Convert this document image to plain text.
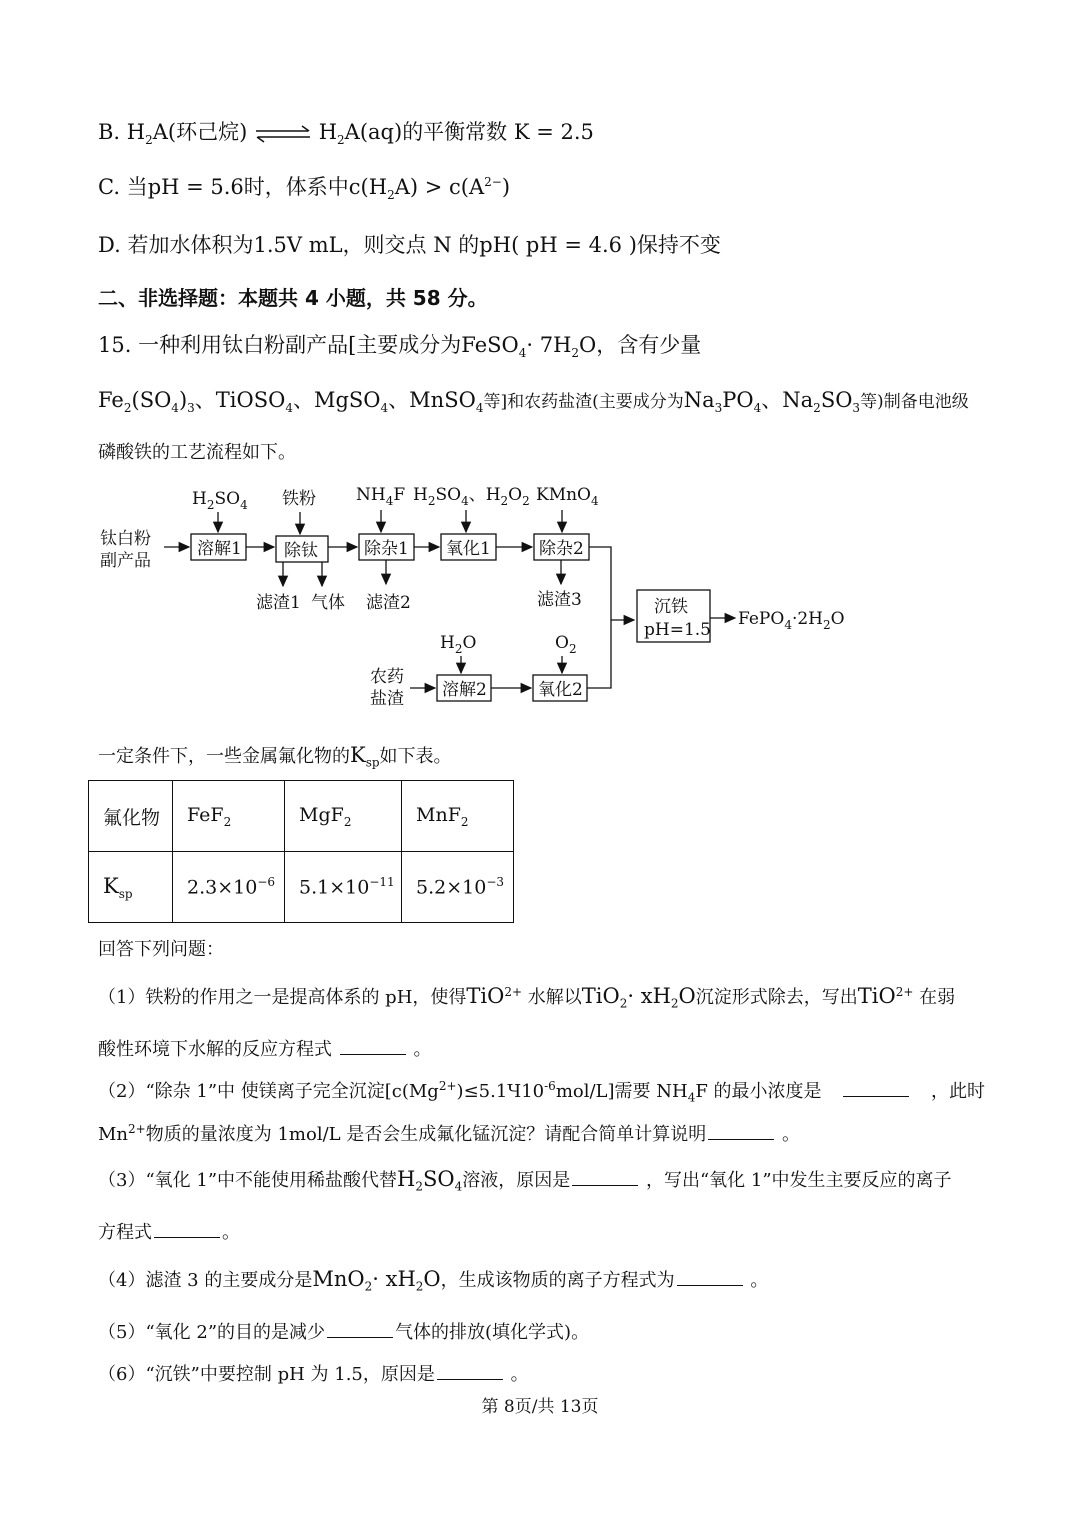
B. $H_2A$(环己烷) ⇌ $H_2A(aq)$的平衡常数 K = 2.5
C. 当pH = 5.6时，体系中$c(H_2A) > c(A^{2-})$
D. 若加水体积为1.5V mL，则交点 N 的pH( pH = 4.6 )保持不变
二、非选择题：本题共 4 小题，共 58 分。
15. 一种利用钛白粉副产品[主要成分为FeSO$_4$· $7H_2O$，含有少量
$Fe_2(SO_4)_3$、TiOSO$_4$、MgSO$_4$、MnSO$_4$等]和农药盐渣(主要成分为$Na_3PO_4$、$Na_2SO_3$等)制备电池级
磷酸铁的工艺流程如下。
钛白粉
副产品
$H_2SO_4$ 铁粉 $NH_4F$ $H_2SO_4$、$H_2O_2$ KMnO$_4$
溶解1 除钛	除杂1 氧化1	除杂2
滤渣1 气体 滤渣2	滤渣3	沉铁
pH=1.5
$FePO_4\cdot 2H_2O$
$H_2O$	$O_2$
农药
盐渣 溶解2	氧化2
一定条件下，一些金属氟化物的$K_{sp}$如下表。
氟化物	FeF$_2$	MgF$_2$	MnF$_2$
$K_{sp}$	$2.3\times 10^{-6}$	$5.1\times 10^{-11}$	$5.2\times 10^{-3}$
回答下列问题：
（1）铁粉的作用之一是提高体系的 pH，使得TiO$^{2+}$ 水解以$TiO_2\cdot xH_2O$沉淀形式除去，写出TiO$^{2+}$ 在弱
酸性环境下水解的反应方程式	。
（2）“除杂 1”中 使镁离子完全沉淀$[c(Mg^{2+})\le 5.1Ч10^{-6}mol/L]$需要 $NH_4F$ 的最小浓度是	，此时
$Mn^{2+}$物质的量浓度为 1mol/L 是否会生成氟化锰沉淀？请配合简单计算说明	。
（3）“氧化 1”中不能使用稀盐酸代替$H_2SO_4$溶液，原因是	，写出“氧化 1”中发生主要反应的离子
方程式	。
（4）滤渣 3 的主要成分是$MnO_2\cdot xH_2O$，生成该物质的离子方程式为	。
（5）“氧化 2”的目的是减少	气体的排放(填化学式)。
（6）“沉铁”中要控制 pH 为 1.5，原因是	。
第 8页/共 13页
